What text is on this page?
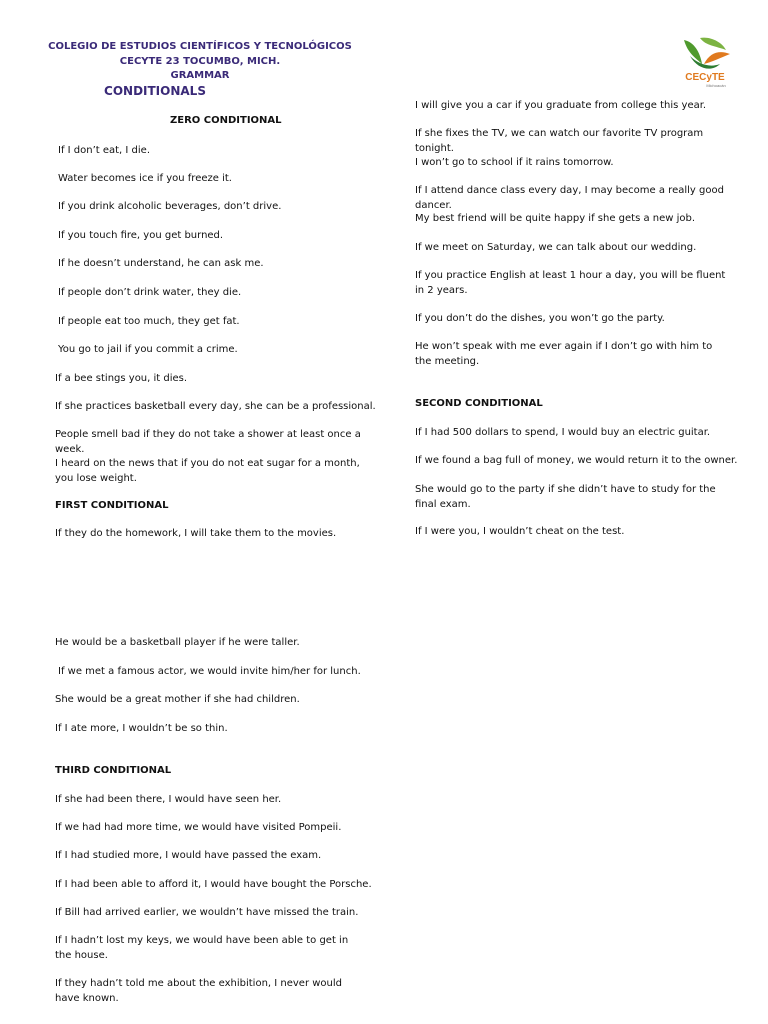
COLEGIO DE ESTUDIOS CIENTÍFICOS Y TECNOLÓGICOS
CECYTE 23 TOCUMBO, MICH.
GRAMMAR
CONDITIONALS
CECyTE
Michoacán
ZERO CONDITIONAL

If I don’t eat, I die.

Water becomes ice if you freeze it.

If you drink alcoholic beverages, don’t drive.

If you touch fire, you get burned.

If he doesn’t understand, he can ask me.

If people don’t drink water, they die.

If people eat too much, they get fat.

You go to jail if you commit a crime.

If a bee stings you, it dies.

If she practices basketball every day, she can be a professional.

People smell bad if they do not take a shower at least once a week.

I heard on the news that if you do not eat sugar for a month, you lose weight.

FIRST CONDITIONAL

If they do the homework, I will take them to the movies.

He would be a basketball player if he were taller.

If we met a famous actor, we would invite him/her for lunch.

She would be a great mother if she had children.

If I ate more, I wouldn’t be so thin.

THIRD CONDITIONAL

If she had been there, I would have seen her.

If we had had more time, we would have visited Pompeii.

If I had studied more, I would have passed the exam.

If I had been able to afford it, I would have bought the Porsche.

If Bill had arrived earlier, we wouldn’t have missed the train.

If I hadn’t lost my keys, we would have been able to get in the house.

If they hadn’t told me about the exhibition, I never would have known.

I will give you a car if you graduate from college this year.

If she fixes the TV, we can watch our favorite TV program tonight.

I won’t go to school if it rains tomorrow.

If I attend dance class every day, I may become a really good dancer.

My best friend will be quite happy if she gets a new job.

If we meet on Saturday, we can talk about our wedding.

If you practice English at least 1 hour a day, you will be fluent in 2 years.

If you don’t do the dishes, you won’t go the party.

He won’t speak with me ever again if I don’t go with him to the meeting.

SECOND CONDITIONAL

If I had 500 dollars to spend, I would buy an electric guitar.

If we found a bag full of money, we would return it to the owner.

She would go to the party if she didn’t have to study for the final exam.

If I were you, I wouldn’t cheat on the test.
